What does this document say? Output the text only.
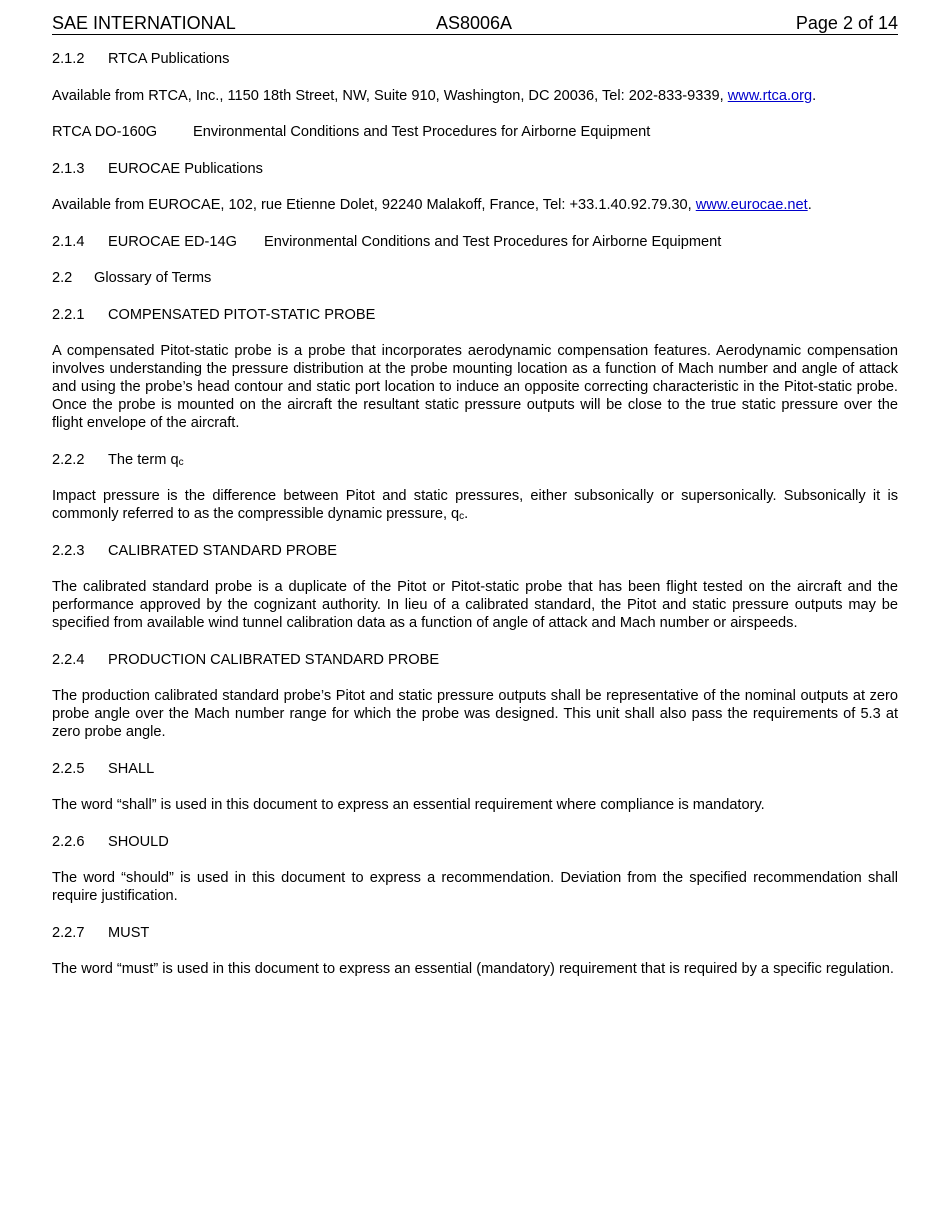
SAE INTERNATIONAL	AS8006A	Page 2 of 14

2.1.2 RTCA Publications

Available from RTCA, Inc., 1150 18th Street, NW, Suite 910, Washington, DC 20036, Tel: 202-833-9339, www.rtca.org.

RTCA DO-160G Environmental Conditions and Test Procedures for Airborne Equipment

2.1.3 EUROCAE Publications

Available from EUROCAE, 102, rue Etienne Dolet, 92240 Malakoff, France, Tel: +33.1.40.92.79.30, www.eurocae.net.

2.1.4 EUROCAE ED-14G Environmental Conditions and Test Procedures for Airborne Equipment

2.2 Glossary of Terms

2.2.1 COMPENSATED PITOT-STATIC PROBE

A compensated Pitot-static probe is a probe that incorporates aerodynamic compensation features. Aerodynamic compensation involves understanding the pressure distribution at the probe mounting location as a function of Mach number and angle of attack and using the probe’s head contour and static port location to induce an opposite correcting characteristic in the Pitot-static probe. Once the probe is mounted on the aircraft the resultant static pressure outputs will be close to the true static pressure over the flight envelope of the aircraft.

2.2.2 The term $q_c$

Impact pressure is the difference between Pitot and static pressures, either subsonically or supersonically. Subsonically it is commonly referred to as the compressible dynamic pressure, $q_c$.

2.2.3 CALIBRATED STANDARD PROBE

The calibrated standard probe is a duplicate of the Pitot or Pitot-static probe that has been flight tested on the aircraft and the performance approved by the cognizant authority. In lieu of a calibrated standard, the Pitot and static pressure outputs may be specified from available wind tunnel calibration data as a function of angle of attack and Mach number or airspeeds.

2.2.4 PRODUCTION CALIBRATED STANDARD PROBE

The production calibrated standard probe’s Pitot and static pressure outputs shall be representative of the nominal outputs at zero probe angle over the Mach number range for which the probe was designed. This unit shall also pass the requirements of 5.3 at zero probe angle.

2.2.5 SHALL

The word “shall” is used in this document to express an essential requirement where compliance is mandatory.

2.2.6 SHOULD

The word “should” is used in this document to express a recommendation. Deviation from the specified recommendation shall require justification.

2.2.7 MUST

The word “must” is used in this document to express an essential (mandatory) requirement that is required by a specific regulation.
